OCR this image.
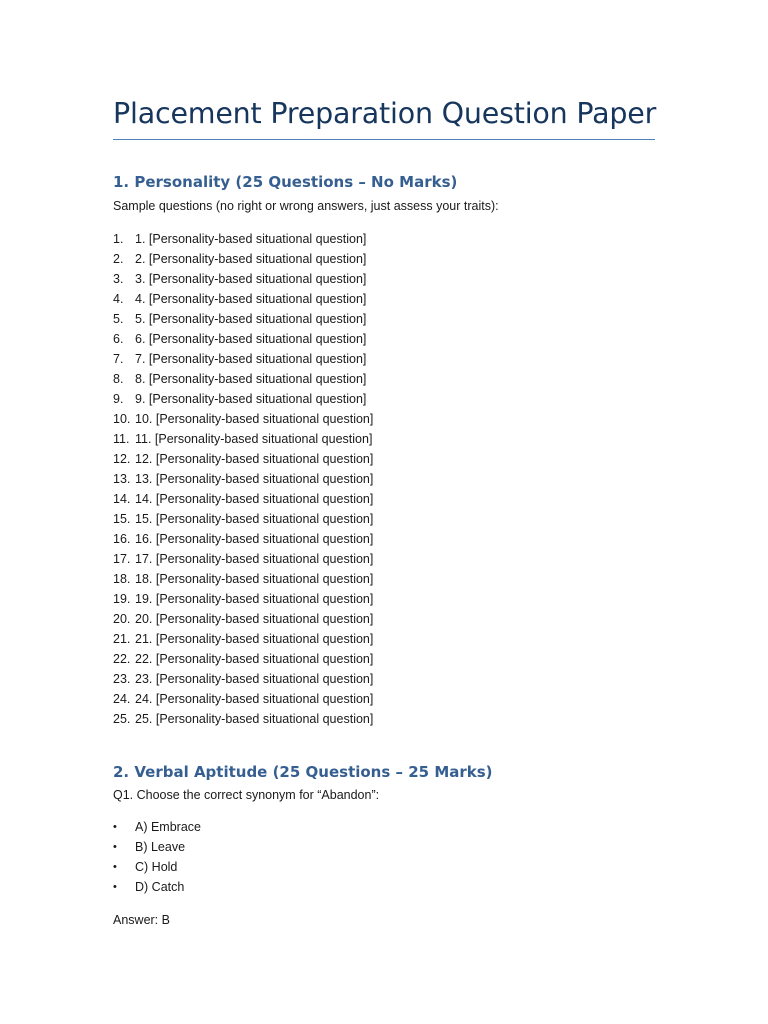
Placement Preparation Question Paper
1. Personality (25 Questions – No Marks)
Sample questions (no right or wrong answers, just assess your traits):
1. 1. [Personality-based situational question]
2. 2. [Personality-based situational question]
3. 3. [Personality-based situational question]
4. 4. [Personality-based situational question]
5. 5. [Personality-based situational question]
6. 6. [Personality-based situational question]
7. 7. [Personality-based situational question]
8. 8. [Personality-based situational question]
9. 9. [Personality-based situational question]
10. 10. [Personality-based situational question]
11. 11. [Personality-based situational question]
12. 12. [Personality-based situational question]
13. 13. [Personality-based situational question]
14. 14. [Personality-based situational question]
15. 15. [Personality-based situational question]
16. 16. [Personality-based situational question]
17. 17. [Personality-based situational question]
18. 18. [Personality-based situational question]
19. 19. [Personality-based situational question]
20. 20. [Personality-based situational question]
21. 21. [Personality-based situational question]
22. 22. [Personality-based situational question]
23. 23. [Personality-based situational question]
24. 24. [Personality-based situational question]
25. 25. [Personality-based situational question]
2. Verbal Aptitude (25 Questions – 25 Marks)
Q1. Choose the correct synonym for “Abandon”:
•	A) Embrace
•	B) Leave
•	C) Hold
•	D) Catch
Answer: B
